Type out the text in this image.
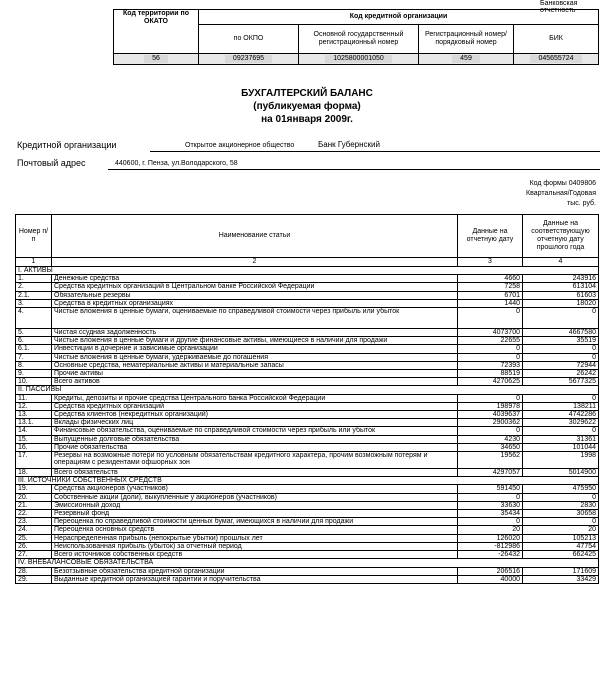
Банковская отчетность
Код территории по ОКАТО	Код кредитной организации			
	по ОКПО	Основной государственный регистрационный номер	Регистрационный номер/ порядковый номер	БИК
56	09237695	1025800001050	459	045655724
БУХГАЛТЕРСКИЙ БАЛАНС
(публикуемая форма)
на 01января 2009г.
Кредитной организации	Открытое акционерное общество	Банк Губернский
Почтовый адрес	440600, г. Пенза, ул.Володарского, 58
Код формы 0409806
Квартальная/Годовая
тыс. руб.
Номер п/п	Наименование статьи	Данные на отчетную дату	Данные на соответствующую отчетную дату прошлого года
1	2	3	4
I. АКТИВЫ			
1.	Денежные средства	4660	243916
2.	Средства кредитных организаций в Центральном банке Российской Федерации	7258	613104
2.1.	Обязательные резервы	6701	61603
3.	Средства в кредитных организациях	1440	18020
4.	Чистые вложения в ценные бумаги, оцениваемые по справедливой стоимости через прибыль или убыток	0	0
5.	Чистая ссудная задолженность	4073700	4667580
6.	Чистые вложения в ценные бумаги и другие финансовые активы, имеющиеся в наличии для продажи	22655	35519
6.1.	Инвестиции в дочерние и зависимые организации	0	0
7.	Чистые вложения в ценные бумаги, удерживаемые до погашения	0	0
8.	Основные средства, нематериальные активы и материальные запасы	72393	72944
9.	Прочие активы	88519	26242
10.	Всего активов	4270625	5677325
II. ПАССИВЫ			
11.	Кредиты, депозиты и прочие средства Центрального банка Российской Федерации	0	0
12.	Средства кредитных организаций	198978	138211
13.	Средства клиентов (некредитных организаций)	4039637	4742286
13.1.	Вклады физических лиц	2900362	3029622
14.	Финансовые обязательства, оцениваемые по справедливой стоимости через прибыль или убыток	0	0
15.	Выпущенные долговые обязательства	4230	31361
16.	Прочие обязательства	34650	101044
17.	Резервы на возможные потери по условным обязательствам кредитного характера, прочим возможным потерям и операциям с резидентами офшорных зон	19562	1998
18.	Всего обязательств	4297057	5014900
III. ИСТОЧНИКИ СОБСТВЕННЫХ СРЕДСТВ			
19.	Средства акционеров (участников)	591450	475950
20.	Собственные акции (доли), выкупленные у акционеров (участников)	0	0
21.	Эмиссионный доход	33630	2830
22.	Резервный фонд	35434	30658
23.	Переоценка по справедливой стоимости ценных бумаг, имеющихся в наличии для продажи	0	0
24.	Переоценка основных средств	20	20
25.	Нераспределенная прибыль (непокрытые убытки) прошлых лет	126020	105213
26.	Неиспользованная прибыль (убыток) за отчетный период	-812986	47754
27.	Всего источников собственных средств	-26432	662425
IV. ВНЕБАЛАНСОВЫЕ ОБЯЗАТЕЛЬСТВА			
28.	Безотзывные обязательства кредитной организации	206516	171609
29.	Выданные кредитной организацией гарантии и поручительства	40000	33429
